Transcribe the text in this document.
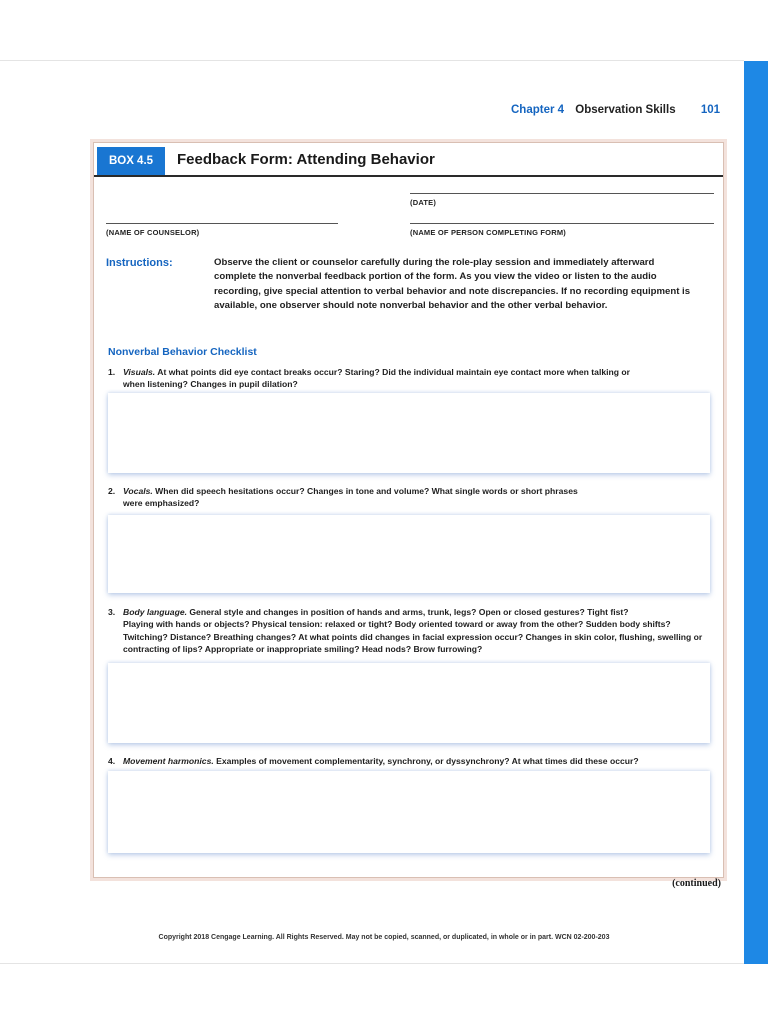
Chapter 4 Observation Skills 101
BOX 4.5	Feedback Form: Attending Behavior
(DATE)
(NAME OF COUNSELOR)	(NAME OF PERSON COMPLETING FORM)
Instructions:	Observe the client or counselor carefully during the role-play session and immediately afterward complete the nonverbal feedback portion of the form. As you view the video or listen to the audio recording, give special attention to verbal behavior and note discrepancies. If no recording equipment is available, one observer should note nonverbal behavior and the other verbal behavior.
Nonverbal Behavior Checklist
1. Visuals. At what points did eye contact breaks occur? Staring? Did the individual maintain eye contact more when talking or
when listening? Changes in pupil dilation?
2. Vocals. When did speech hesitations occur? Changes in tone and volume? What single words or short phrases
were emphasized?
3. Body language. General style and changes in position of hands and arms, trunk, legs? Open or closed gestures? Tight fist?
Playing with hands or objects? Physical tension: relaxed or tight? Body oriented toward or away from the other? Sudden body shifts? Twitching? Distance? Breathing changes? At what points did changes in facial expression occur? Changes in skin color, flushing, swelling or contracting of lips? Appropriate or inappropriate smiling? Head nods? Brow furrowing?
4. Movement harmonics. Examples of movement complementarity, synchrony, or dyssynchrony? At what times did these occur?
(continued)
Copyright 2018 Cengage Learning. All Rights Reserved. May not be copied, scanned, or duplicated, in whole or in part. WCN 02-200-203
